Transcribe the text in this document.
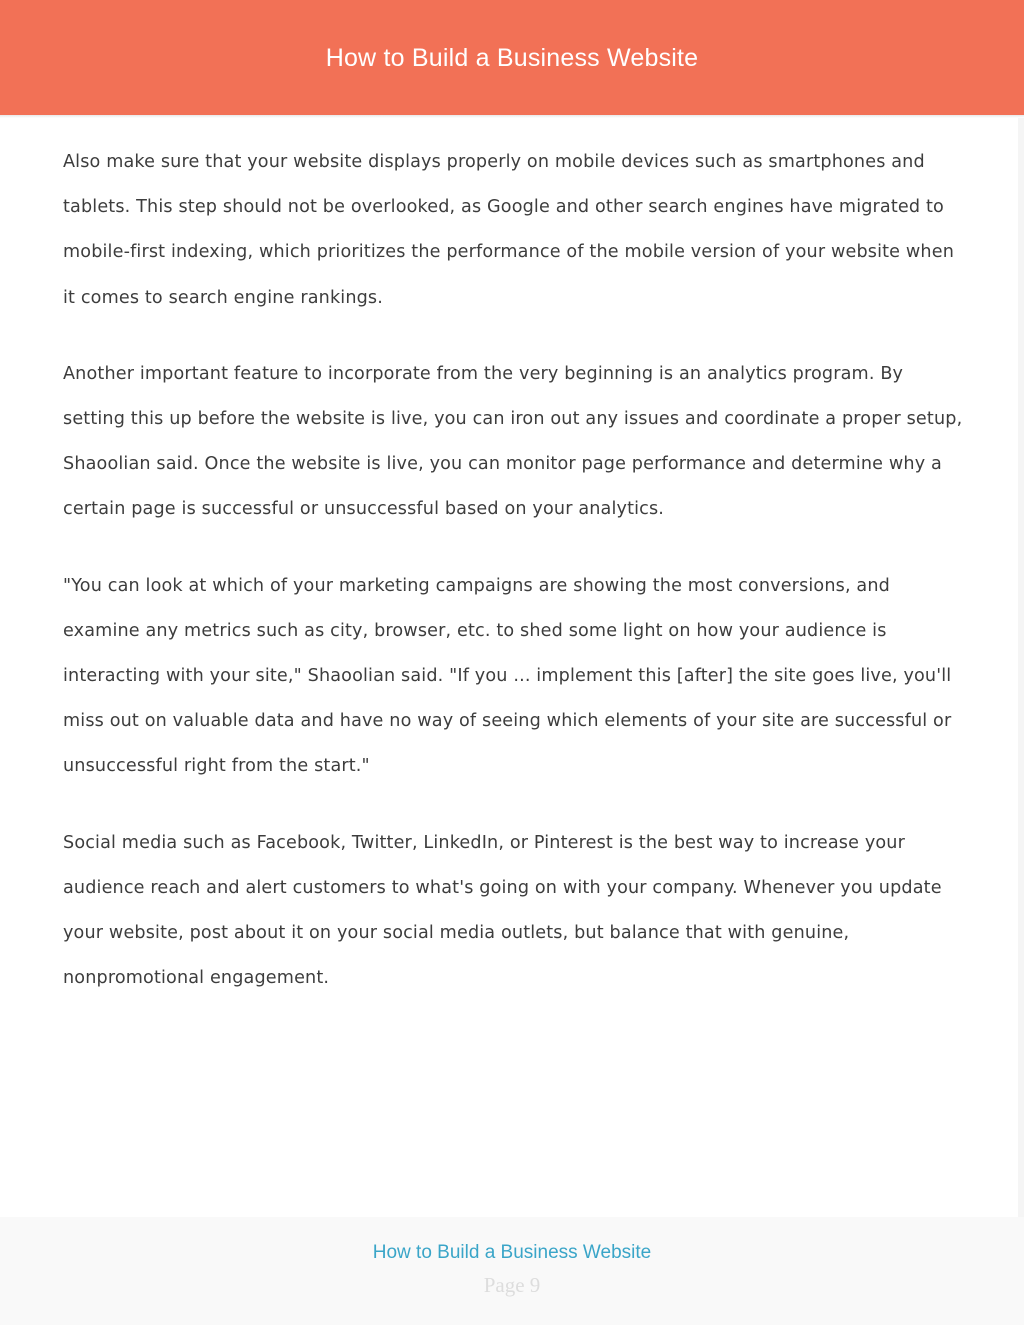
How to Build a Business Website

Also make sure that your website displays properly on mobile devices such as smartphones and tablets. This step should not be overlooked, as Google and other search engines have migrated to mobile-first indexing, which prioritizes the performance of the mobile version of your website when it comes to search engine rankings.

Another important feature to incorporate from the very beginning is an analytics program. By setting this up before the website is live, you can iron out any issues and coordinate a proper setup, Shaoolian said. Once the website is live, you can monitor page performance and determine why a certain page is successful or unsuccessful based on your analytics.

"You can look at which of your marketing campaigns are showing the most conversions, and examine any metrics such as city, browser, etc. to shed some light on how your audience is interacting with your site," Shaoolian said. "If you ... implement this [after] the site goes live, you'll miss out on valuable data and have no way of seeing which elements of your site are successful or unsuccessful right from the start."

Social media such as Facebook, Twitter, LinkedIn, or Pinterest is the best way to increase your audience reach and alert customers to what's going on with your company. Whenever you update your website, post about it on your social media outlets, but balance that with genuine, nonpromotional engagement.

How to Build a Business Website
Page 9
